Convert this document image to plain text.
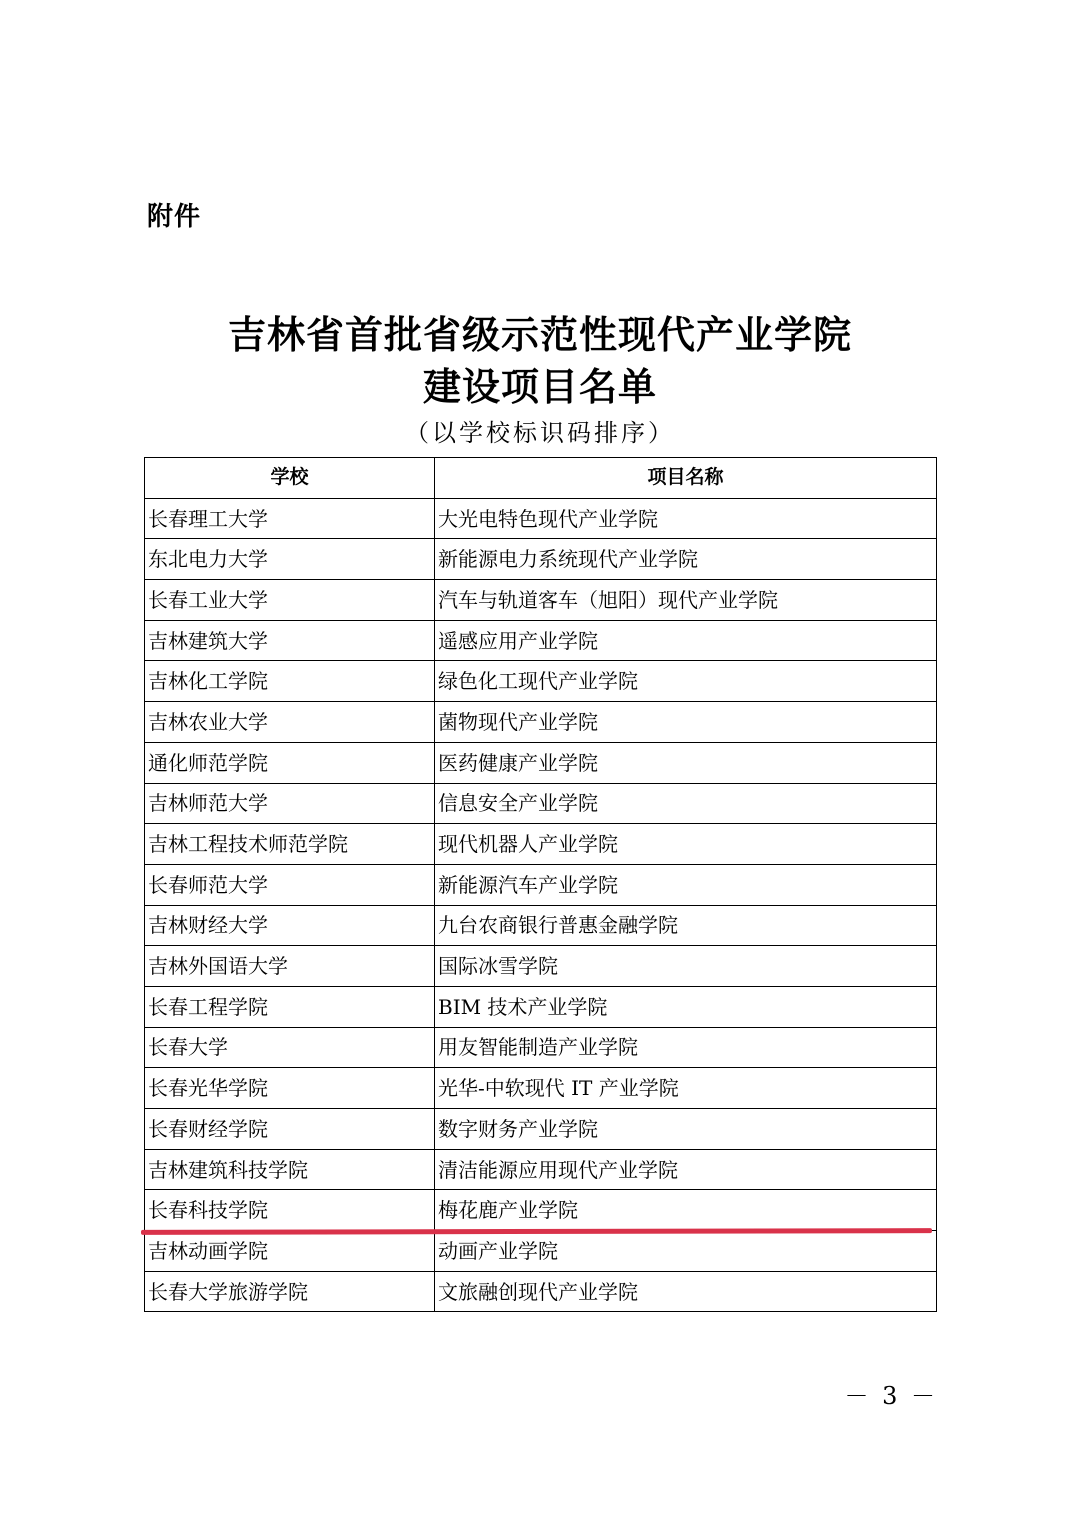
附件
吉林省首批省级示范性现代产业学院
建设项目名单
（以学校标识码排序）
学校	项目名称
长春理工大学	大光电特色现代产业学院
东北电力大学	新能源电力系统现代产业学院
长春工业大学	汽车与轨道客车（旭阳）现代产业学院
吉林建筑大学	遥感应用产业学院
吉林化工学院	绿色化工现代产业学院
吉林农业大学	菌物现代产业学院
通化师范学院	医药健康产业学院
吉林师范大学	信息安全产业学院
吉林工程技术师范学院	现代机器人产业学院
长春师范大学	新能源汽车产业学院
吉林财经大学	九台农商银行普惠金融学院
吉林外国语大学	国际冰雪学院
长春工程学院	BIM 技术产业学院
长春大学	用友智能制造产业学院
长春光华学院	光华-中软现代 IT 产业学院
长春财经学院	数字财务产业学院
吉林建筑科技学院	清洁能源应用现代产业学院
长春科技学院	梅花鹿产业学院
吉林动画学院	动画产业学院
长春大学旅游学院	文旅融创现代产业学院
－ 3 －
